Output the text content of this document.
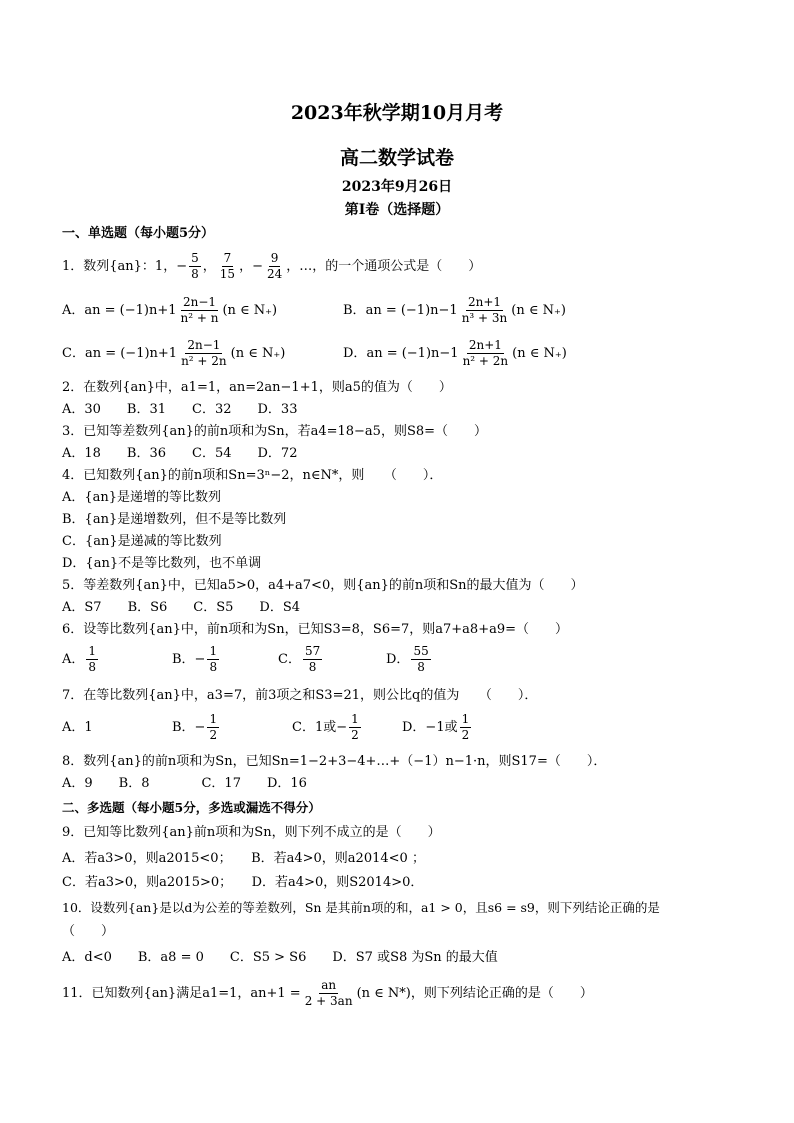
2023年秋学期10月月考
高二数学试卷
2023年9月26日
第I卷（选择题）
一、单选题（每小题5分）
1．数列{an}：1，− $\frac{5}{8}$ ， $\frac{7}{15}$ ，− $\frac{9}{24}$ ，…，的一个通项公式是（　　）
A．an = $(-1)n+1 \frac{2n-1}{\text{n² + n}} (n$ ∈ N₊)	B．an = $(-1)n-1 \frac{2n+1}{\text{n³ + 3n}} (n$ ∈ N₊)
C．an = $(-1)n+1 \frac{2n-1}{\text{n² + 2n}} (n$ ∈ N₊)	D．an = $(-1)n-1 \frac{2n+1}{\text{n² + 2n}} (n$ ∈ N₊)
2．在数列{an}中，a1=1，an=2an−1+1，则a5的值为（　　）
A．30　　B．31　　C．32　　D．33
3．已知等差数列{an}的前n项和为Sn，若a4=18−a5，则S8=（　　）
A．18　　B．36　　C．54　　D．72
4．已知数列{an}的前n项和Sn=3ⁿ−2，n∈N*，则　　（　　）．
A．{an}是递增的等比数列
B．{an}是递增数列，但不是等比数列
C．{an}是递减的等比数列
D．{an}不是等比数列，也不单调
5．等差数列{an}中，已知a5>0，a4+a7<0，则{an}的前n项和Sn的最大值为（　　）
A．S7　　B．S6　　C．S5　　D．S4
6．设等比数列{an}中，前n项和为Sn，已知S3=8，S6=7，则a7+a8+a9=（　　）
A． $\frac{1}{8}$	B．− $\frac{1}{8}$	C． $\frac{57}{8}$	D． $\frac{55}{8}$
7．在等比数列{an}中，a3=7，前3项之和S3=21，则公比q的值为　　（　　）．
A．1	B．− $\frac{1}{2}$	C．1或− $\frac{1}{2}$	D．−1或 $\frac{1}{2}$
8．数列{an}的前n项和为Sn，已知Sn=1−2+3−4+…+（−1）n−1·n，则S17=（　　）．
A．9　　B．8　　　　C．17　　D．16
二、多选题（每小题5分，多选或漏选不得分）
9．已知等比数列{an}前n项和为Sn，则下列不成立的是（　　）
A．若a3>0，则a2015<0；　　B．若a4>0，则a2014<0 ；
C．若a3>0，则a2015>0；　　D．若a4>0，则S2014>0．
10．设数列{an}是以d为公差的等差数列，Sn 是其前n项的和，a1 > 0，且s6 = s9，则下列结论正确的是
（　　）
A．d<0　　B．a8 = 0　　C．S5 > S6　　D．S7 或S8 为Sn 的最大值
11．已知数列{an}满足a1=1，$an+1 = \frac{an}{2 + 3an} (n$ ∈ N*)，则下列结论正确的是（　　）
